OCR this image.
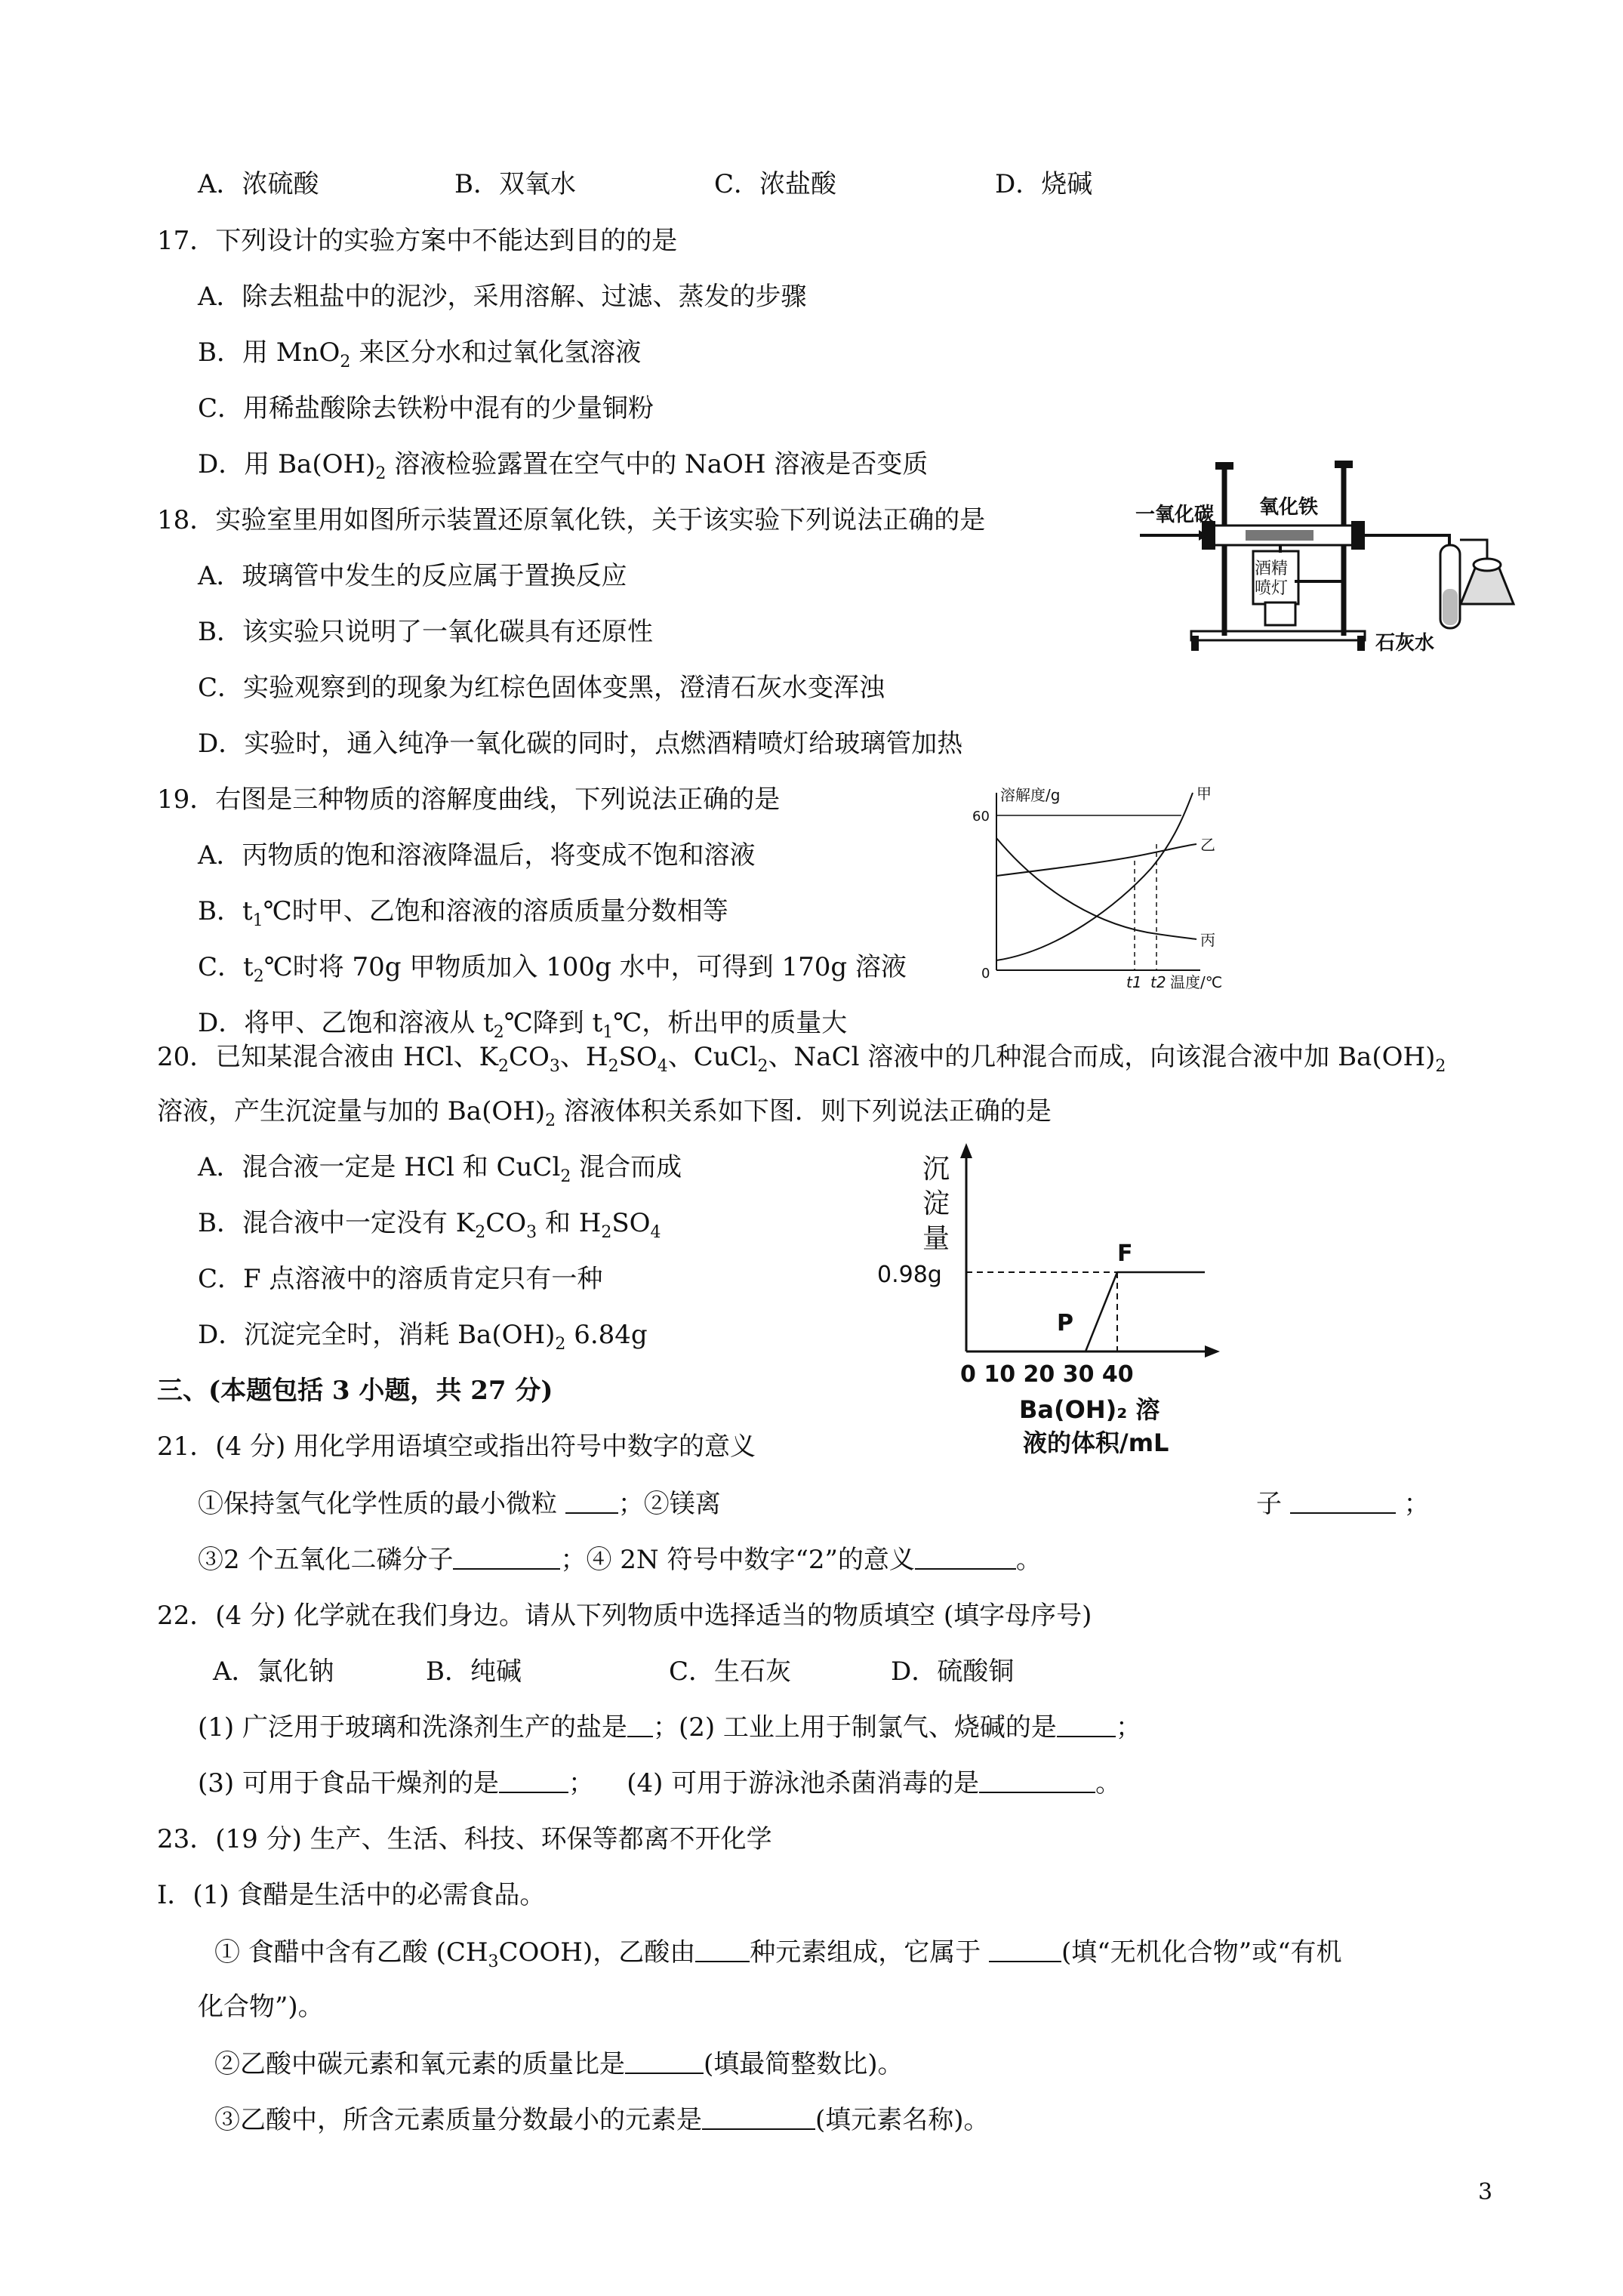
A．浓硫酸	B．双氧水	C．浓盐酸	D．烧碱
17．下列设计的实验方案中不能达到目的的是
A．除去粗盐中的泥沙，采用溶解、过滤、蒸发的步骤
B．用 MnO$_2$ 来区分水和过氧化氢溶液
C．用稀盐酸除去铁粉中混有的少量铜粉
D．用 $Ba(OH)_2$ 溶液检验露置在空气中的 NaOH 溶液是否变质
18．实验室里用如图所示装置还原氧化铁，关于该实验下列说法正确的是
A．玻璃管中发生的反应属于置换反应
B．该实验只说明了一氧化碳具有还原性
C．实验观察到的现象为红棕色固体变黑，澄清石灰水变浑浊
D．实验时，通入纯净一氧化碳的同时，点燃酒精喷灯给玻璃管加热
一氧化碳 氧化铁
酒精
喷灯
石灰水
19．右图是三种物质的溶解度曲线，下列说法正确的是
A．丙物质的饱和溶液降温后，将变成不饱和溶液
B．$t_1℃$时甲、乙饱和溶液的溶质质量分数相等
C．$t_2℃$时将 70g 甲物质加入 100g 水中，可得到 170g 溶液
D．将甲、乙饱和溶液从 $t_2℃$降到 $t_1℃$，析出甲的质量大
溶解度/g
60
0	t1 t2 温度/℃
甲
乙
丙
20．已知某混合液由 HCl、$K_2CO_3$、$H_2SO_4$、CuCl$_2$、NaCl 溶液中的几种混合而成，向该混合液中加 $Ba(OH)_2$
溶液，产生沉淀量与加的 $Ba(OH)_2$ 溶液体积关系如下图．则下列说法正确的是
A．混合液一定是 HCl 和 CuCl$_2$ 混合而成
B．混合液中一定没有 $K_2CO_3$ 和 $H_2SO_4$
C．F 点溶液中的溶质肯定只有一种
D．沉淀完全时，消耗 $Ba(OH)_2$ 6.84g
沉
淀
量
0.98g
F
P
0 10 20 30 40
Ba(OH)₂ 溶
液的体积/mL
三、(本题包括 3 小题，共 27 分)
21．(4 分) 用化学用语填空或指出符号中数字的意义
①保持氢气化学性质的最小微粒 ；②镁离	子	；
③2 个五氧化二磷分子	；④ 2N 符号中数字“2”的意义	。
22．(4 分) 化学就在我们身边。请从下列物质中选择适当的物质填空 (填字母序号)
A．氯化钠	B．纯碱	C．生石灰	D．硫酸铜
(1) 广泛用于玻璃和洗涤剂生产的盐是 ；(2) 工业上用于制氯气、烧碱的是 ；
(3) 可用于食品干燥剂的是	；    (4) 可用于游泳池杀菌消毒的是	。
23．(19 分) 生产、生活、科技、环保等都离不开化学
Ⅰ．(1) 食醋是生活中的必需食品。
① 食醋中含有乙酸 $(CH_3COOH)$，乙酸由 种元素组成，它属于	(填“无机化合物”或“有机
化合物”)。
②乙酸中碳元素和氧元素的质量比是	(填最简整数比)。
③乙酸中，所含元素质量分数最小的元素是	(填元素名称)。
3
